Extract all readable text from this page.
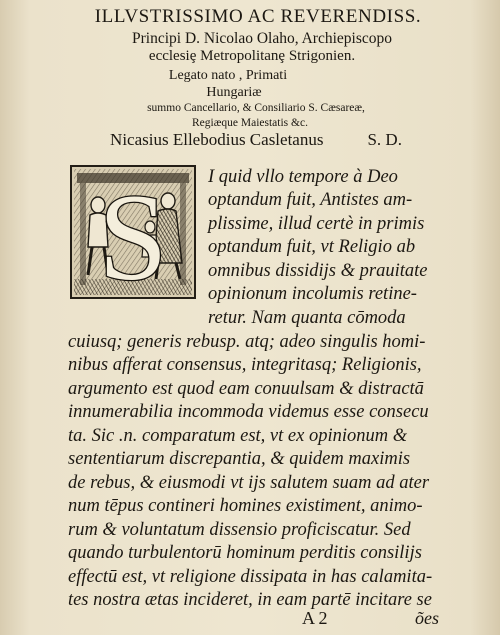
ILLVSTRISSIMO AC REVERENDISS.
Principi D. Nicolao Olaho, Archiepiscopo
ecclesiȩ Metropolitanȩ Strigonien.
Legato nato , Primati
Hungariæ
summo Cancellario, & Consiliario S. Cæsareæ,
Regiæque Maiestatis &c.
Nicasius Ellebodius Casletanus	S. D.
S I quid vllo tempore à Deo
optandum fuit, Antistes am-
plissime, illud certè in primis
optandum fuit, vt Religio ab
omnibus dissidijs & prauitate
opinionum incolumis retine-
retur. Nam quanta cōmoda
cuiusq; generis rebusp. atq; adeo singulis homi-
nibus afferat consensus, integritasq; Religionis,
argumento est quod eam conuulsam & distractā
innumerabilia incommoda videmus esse consecu
ta. Sic .n. comparatum est, vt ex opinionum &
sententiarum discrepantia, & quidem maximis
de rebus, & eiusmodi vt ijs salutem suam ad ater
num tēpus contineri homines existiment, animo-
rum & voluntatum dissensio proficiscatur. Sed
quando turbulentorū hominum perditis consilijs
effectū est, vt religione dissipata in has calamita-
tes nostra ætas incideret, in eam partē incitare se
A 2	ões
